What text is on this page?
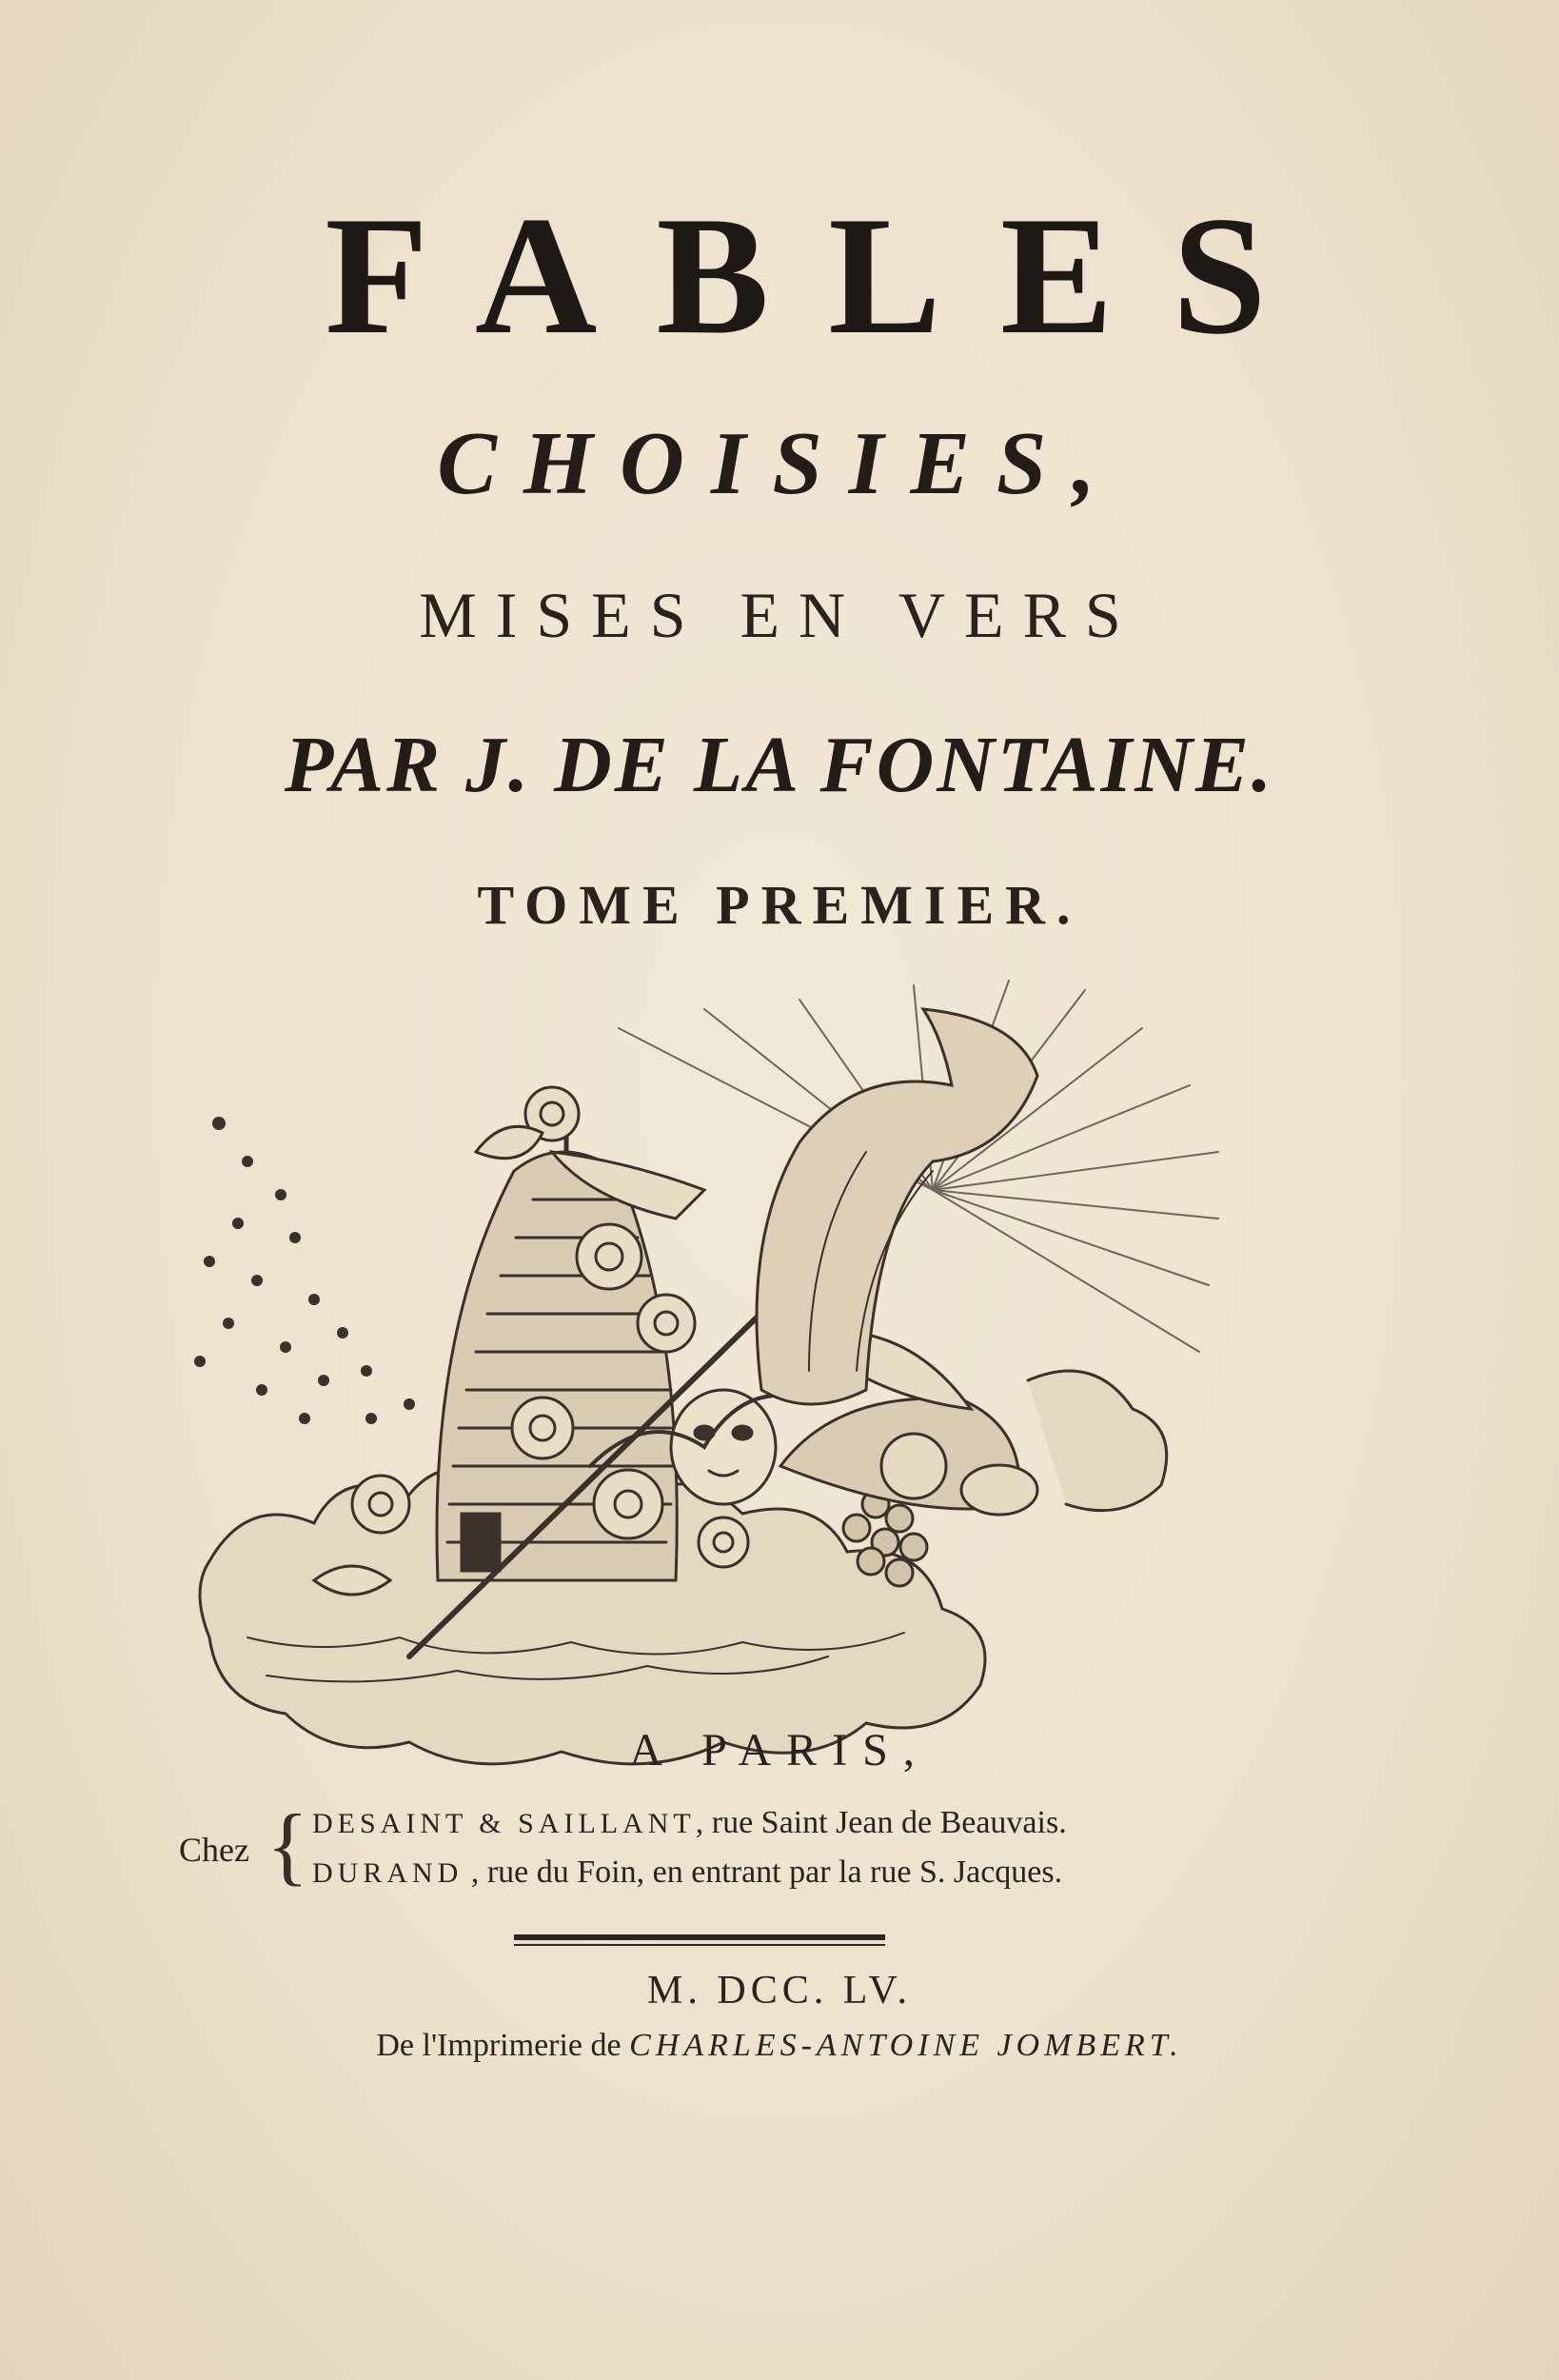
FABLES
CHOISIES,
MISES EN VERS
PAR J. DE LA FONTAINE.
TOME PREMIER.
A PARIS,
Chez { DESAINT & SAILLANT, rue Saint Jean de Beauvais.
DURAND , rue du Foin, en entrant par la rue S. Jacques.
M. DCC. LV.
De l'Imprimerie de CHARLES-ANTOINE JOMBERT.
